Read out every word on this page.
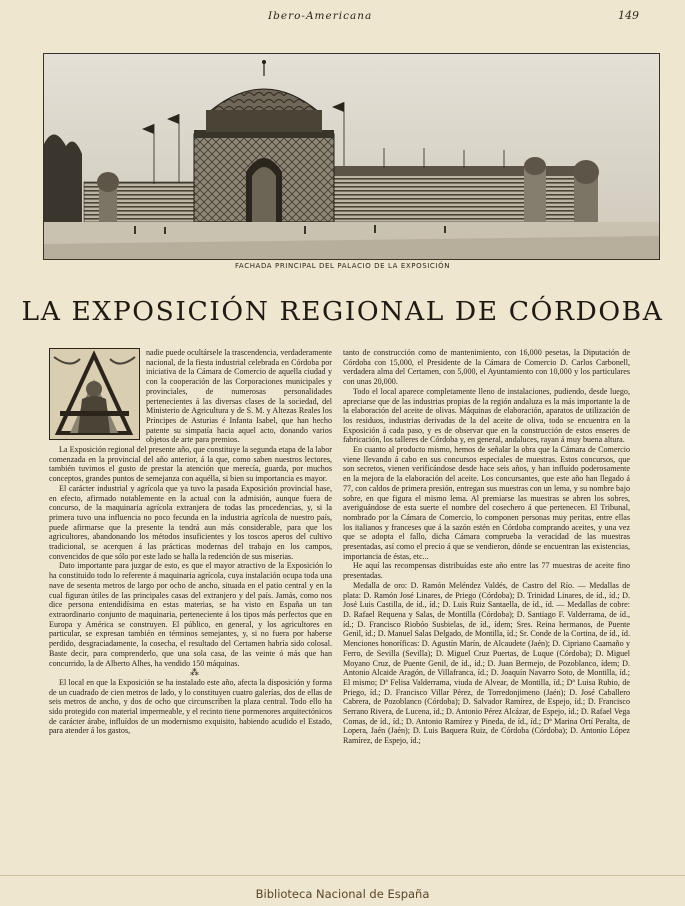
Ibero-Americana	149
FACHADA PRINCIPAL DEL PALACIO DE LA EXPOSICIÓN
LA EXPOSICIÓN REGIONAL DE CÓRDOBA

nadie puede ocultársele la trascendencia, verdaderamente nacional, de la fiesta industrial celebrada en Córdoba por iniciativa de la Cámara de Comercio de aquella ciudad y con la cooperación de las Corporaciones municipales y provinciales, de numerosas personalidades pertenecientes á las diversas clases de la sociedad, del Ministerio de Agricultura y de S. M. y Altezas Reales los Príncipes de Asturias é Infanta Isabel, que han hecho patente su simpatía hacia aquel acto, donando varios objetos de arte para premios.

La Exposición regional del presente año, que constituye la segunda etapa de la labor comenzada en la provincial del año anterior, á la que, como saben nuestros lectores, también tuvimos el gusto de prestar la atención que merecía, guarda, por muchos conceptos, grandes puntos de semejanza con aquélla, si bien su importancia es mayor.

El carácter industrial y agrícola que ya tuvo la pasada Exposición provincial hase, en efecto, afirmado notablemente en la actual con la admisión, aunque fuera de concurso, de la maquinaria agrícola extranjera de todas las procedencias, y, si la primera tuvo una influencia no poco fecunda en la industria agrícola de nuestro país, puede afirmarse que la presente la tendrá aun más considerable, para que los agricultores, abandonando los métodos insuficientes y los toscos aperos del cultivo tradicional, se acerquen á las prácticas modernas del trabajo en los campos, convencidos de que sólo por este lado se halla la redención de sus miserias.

Dato importante para juzgar de esto, es que el mayor atractivo de la Exposición lo ha constituido todo lo referente á maquinaria agrícola, cuya instalación ocupa toda una nave de sesenta metros de largo por ocho de ancho, situada en el patio central y en la cual figuran útiles de las principales casas del extranjero y del país. Jamás, como nos dice persona entendidísima en estas materias, se ha visto en España un tan extraordinario conjunto de maquinaria, perteneciente á los tipos más perfectos que en Europa y América se construyen. El público, en general, y los agricultores en particular, se expresan también en términos semejantes, y, si no fuera por haberse perdido, desgraciadamente, la cosecha, el resultado del Certamen habría sido colosal. Baste decir, para comprenderlo, que una sola casa, de las veinte ó más que han concurrido, la de Alberto Alhes, ha vendido 150 máquinas.

⁂

El local en que la Exposición se ha instalado este año, afecta la disposición y forma de un cuadrado de cien metros de lado, y lo constituyen cuatro galerías, dos de ellas de seis metros de ancho, y dos de ocho que circunscriben la plaza central. Todo ello ha sido protegido con material impermeable, y el recinto tiene pormenores arquitectónicos de carácter árabe, influídos de un modernismo exquisito, habiendo acudido el Estado, para atender á los gastos,

tanto de construcción como de mantenimiento, con 16,000 pesetas, la Diputación de Córdoba con 15,000, el Presidente de la Cámara de Comercio D. Carlos Carbonell, verdadera alma del Certamen, con 5,000, el Ayuntamiento con 10,000 y los particulares con unas 20,000.

Todo el local aparece completamente lleno de instalaciones, pudiendo, desde luego, apreciarse que de las industrias propias de la región andaluza es la más importante la de la elaboración del aceite de olivas. Máquinas de elaboración, aparatos de utilización de los residuos, industrias derivadas de la del aceite de oliva, todo se encuentra en la Exposición á cada paso, y es de observar que en la construcción de estos enseres de fabricación, los talleres de Córdoba y, en general, andaluces, rayan á muy buena altura.

En cuanto al producto mismo, hemos de señalar la obra que la Cámara de Comercio viene llevando á cabo en sus concursos especiales de muestras. Estos concursos, que son secretos, vienen verificándose desde hace seis años, y han influído poderosamente en la mejora de la elaboración del aceite. Los concursantes, que este año han llegado á 77, con caldos de primera presión, entregan sus muestras con un lema, y su nombre bajo sobre, en que figura el mismo lema. Al premiarse las muestras se abren los sobres, averiguándose de esta suerte el nombre del cosechero á que pertenecen. El Tribunal, nombrado por la Cámara de Comercio, lo componen personas muy peritas, entre ellas los italianos y franceses que á la sazón estén en Córdoba comprando aceites, y una vez que se adopta el fallo, dicha Cámara comprueba la veracidad de las muestras presentadas, así como el precio á que se vendieron, dónde se encuentran las existencias, importancia de éstas, etc...

He aquí las recompensas distribuídas este año entre las 77 muestras de aceite fino presentadas.

Medalla de oro: D. Ramón Meléndez Valdés, de Castro del Río. — Medallas de plata: D. Ramón José Linares, de Priego (Córdoba); D. Trinidad Linares, de íd., íd.; D. José Luis Castilla, de íd., íd.; D. Luis Ruiz Santaella, de íd., íd. — Medallas de cobre: D. Rafael Requena y Salas, de Montilla (Córdoba); D. Santiago F. Valderrama, de íd., íd.; D. Francisco Riobóo Susbielas, de íd., ídem; Sres. Reina hermanos, de Puente Genil, íd.; D. Manuel Salas Delgado, de Montilla, íd.; Sr. Conde de la Cortina, de íd., íd. Menciones honoríficas: D. Agustín Marín, de Alcaudete (Jaén); D. Cipriano Caamaño y Ferro, de Sevilla (Sevilla); D. Miguel Cruz Puertas, de Luque (Córdoba); D. Miguel Moyano Cruz, de Puente Genil, de íd., íd.; D. Juan Bermejo, de Pozoblanco, ídem; D. Antonio Alcaide Aragón, de Villafranca, íd.; D. Joaquín Navarro Soto, de Montilla, íd.; El mismo; Dª Felisa Valderrama, viuda de Alvear, de Montilla, íd.; Dª Luisa Rubio, de Priego, íd.; D. Francisco Villar Pérez, de Torredonjimeno (Jaén); D. José Caballero Cabrera, de Pozoblanco (Córdoba); D. Salvador Ramírez, de Espejo, íd.; D. Francisco Serrano Rivera, de Lucena, íd.; D. Antonio Pérez Alcázar, de Espejo, íd.; D. Rafael Vega Comas, de íd., íd.; D. Antonio Ramírez y Pineda, de íd., íd.; Dª Marina Ortí Peralta, de Lopera, Jaén (Jaén); D. Luis Baquera Ruiz, de Córdoba (Córdoba); D. Antonio López Ramírez, de Espejo, íd.;

Biblioteca Nacional de España
